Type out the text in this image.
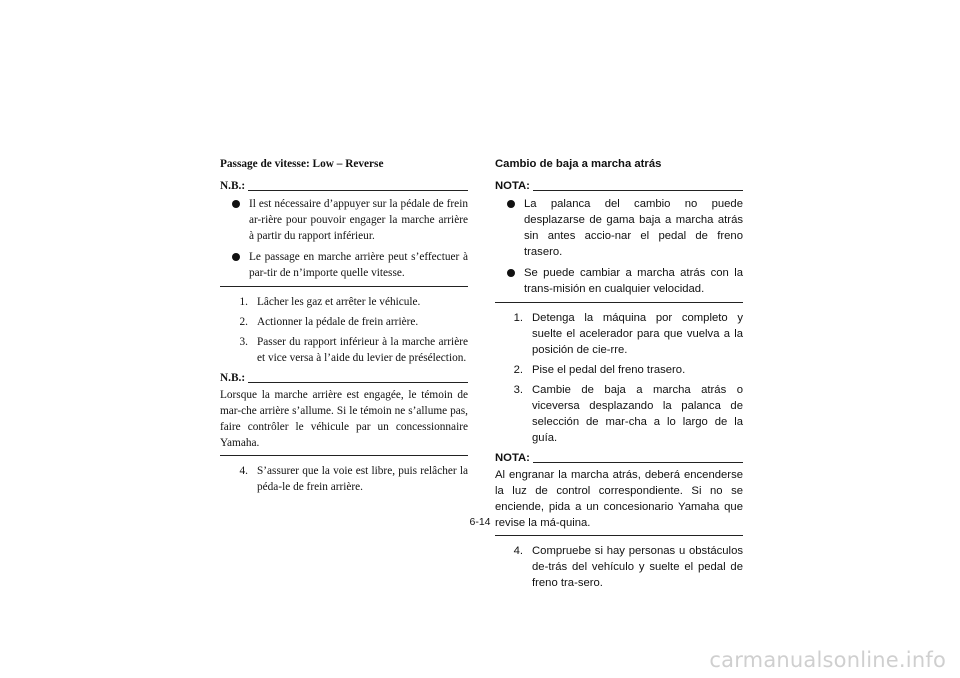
Passage de vitesse: Low – Reverse
N.B.:
Il est nécessaire d’appuyer sur la pédale de frein ar-rière pour pouvoir engager la marche arrière à partir du rapport inférieur.
Le passage en marche arrière peut s’effectuer à par-tir de n’importe quelle vitesse.
1. Lâcher les gaz et arrêter le véhicule.
2. Actionner la pédale de frein arrière.
3. Passer du rapport inférieur à la marche arrière et vice versa à l’aide du levier de présélection.
N.B.:
Lorsque la marche arrière est engagée, le témoin de mar-che arrière s’allume. Si le témoin ne s’allume pas, faire contrôler le véhicule par un concessionnaire Yamaha.
4. S’assurer que la voie est libre, puis relâcher la péda-le de frein arrière.
Cambio de baja a marcha atrás
NOTA:
La palanca del cambio no puede desplazarse de gama baja a marcha atrás sin antes accio-nar el pedal de freno trasero.
Se puede cambiar a marcha atrás con la trans-misión en cualquier velocidad.
1. Detenga la máquina por completo y suelte el acelerador para que vuelva a la posición de cie-rre.
2. Pise el pedal del freno trasero.
3. Cambie de baja a marcha atrás o viceversa desplazando la palanca de selección de mar-cha a lo largo de la guía.
NOTA:
Al engranar la marcha atrás, deberá encenderse la luz de control correspondiente. Si no se enciende, pida a un concesionario Yamaha que revise la má-quina.
4. Compruebe si hay personas u obstáculos de-trás del vehículo y suelte el pedal de freno tra-sero.
6-14
carmanualsonline.info
